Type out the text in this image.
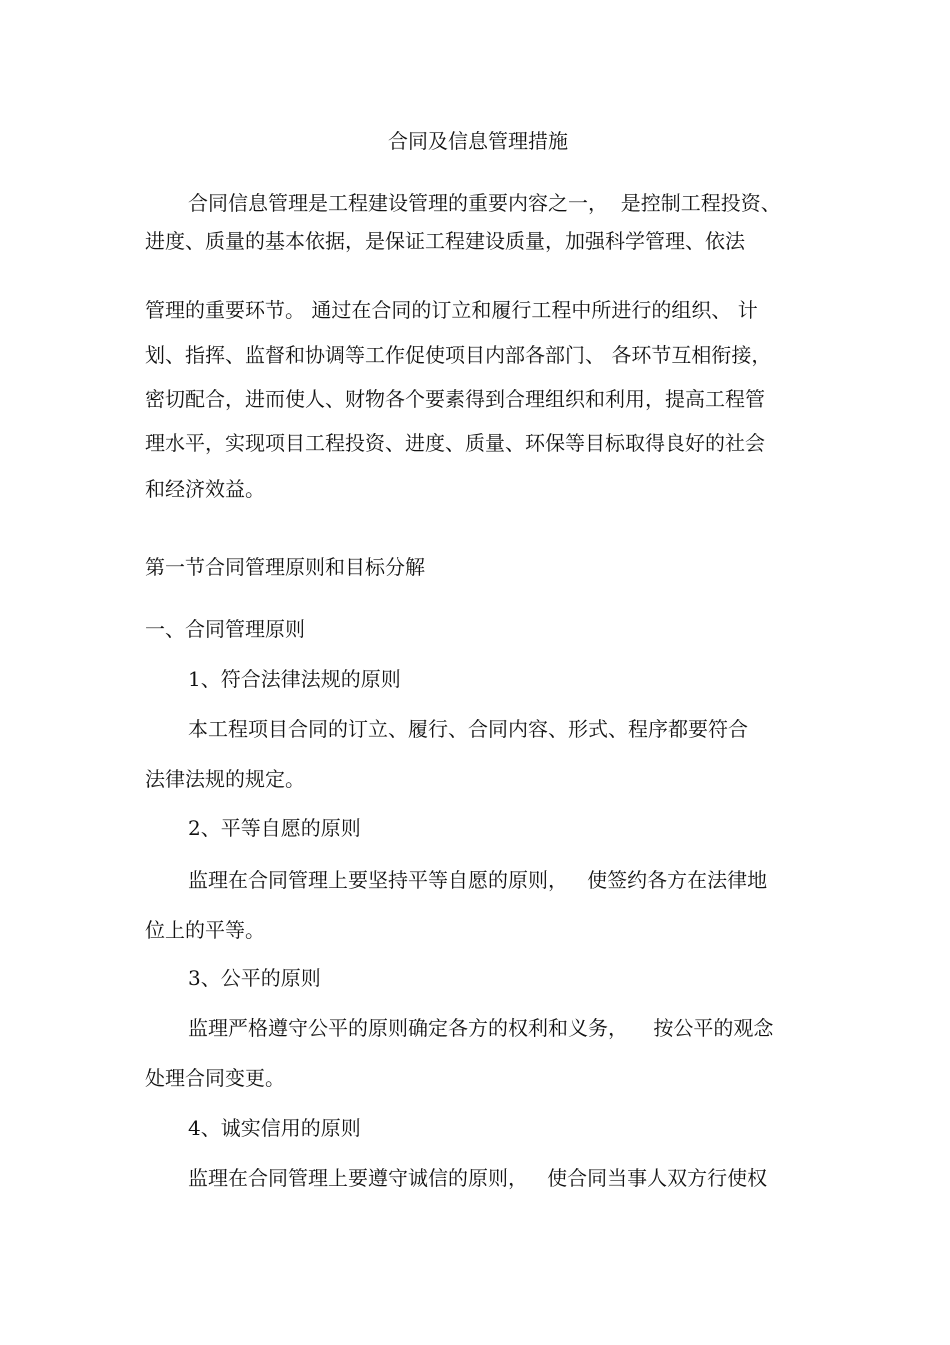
合同及信息管理措施
合同信息管理是工程建设管理的重要内容之一，  是控制工程投资、
进度、质量的基本依据，是保证工程建设质量，加强科学管理、依法
管理的重要环节。 通过在合同的订立和履行工程中所进行的组织、 计
划、指挥、监督和协调等工作促使项目内部各部门、 各环节互相衔接，
密切配合，进而使人、财物各个要素得到合理组织和利用，提高工程管
理水平，实现项目工程投资、进度、质量、环保等目标取得良好的社会
和经济效益。
第一节合同管理原则和目标分解
一、合同管理原则
1、符合法律法规的原则
本工程项目合同的订立、履行、合同内容、形式、程序都要符合
法律法规的规定。
2、平等自愿的原则
监理在合同管理上要坚持平等自愿的原则，   使签约各方在法律地
位上的平等。
3、公平的原则
监理严格遵守公平的原则确定各方的权利和义务，    按公平的观念
处理合同变更。
4、诚实信用的原则
监理在合同管理上要遵守诚信的原则，   使合同当事人双方行使权
